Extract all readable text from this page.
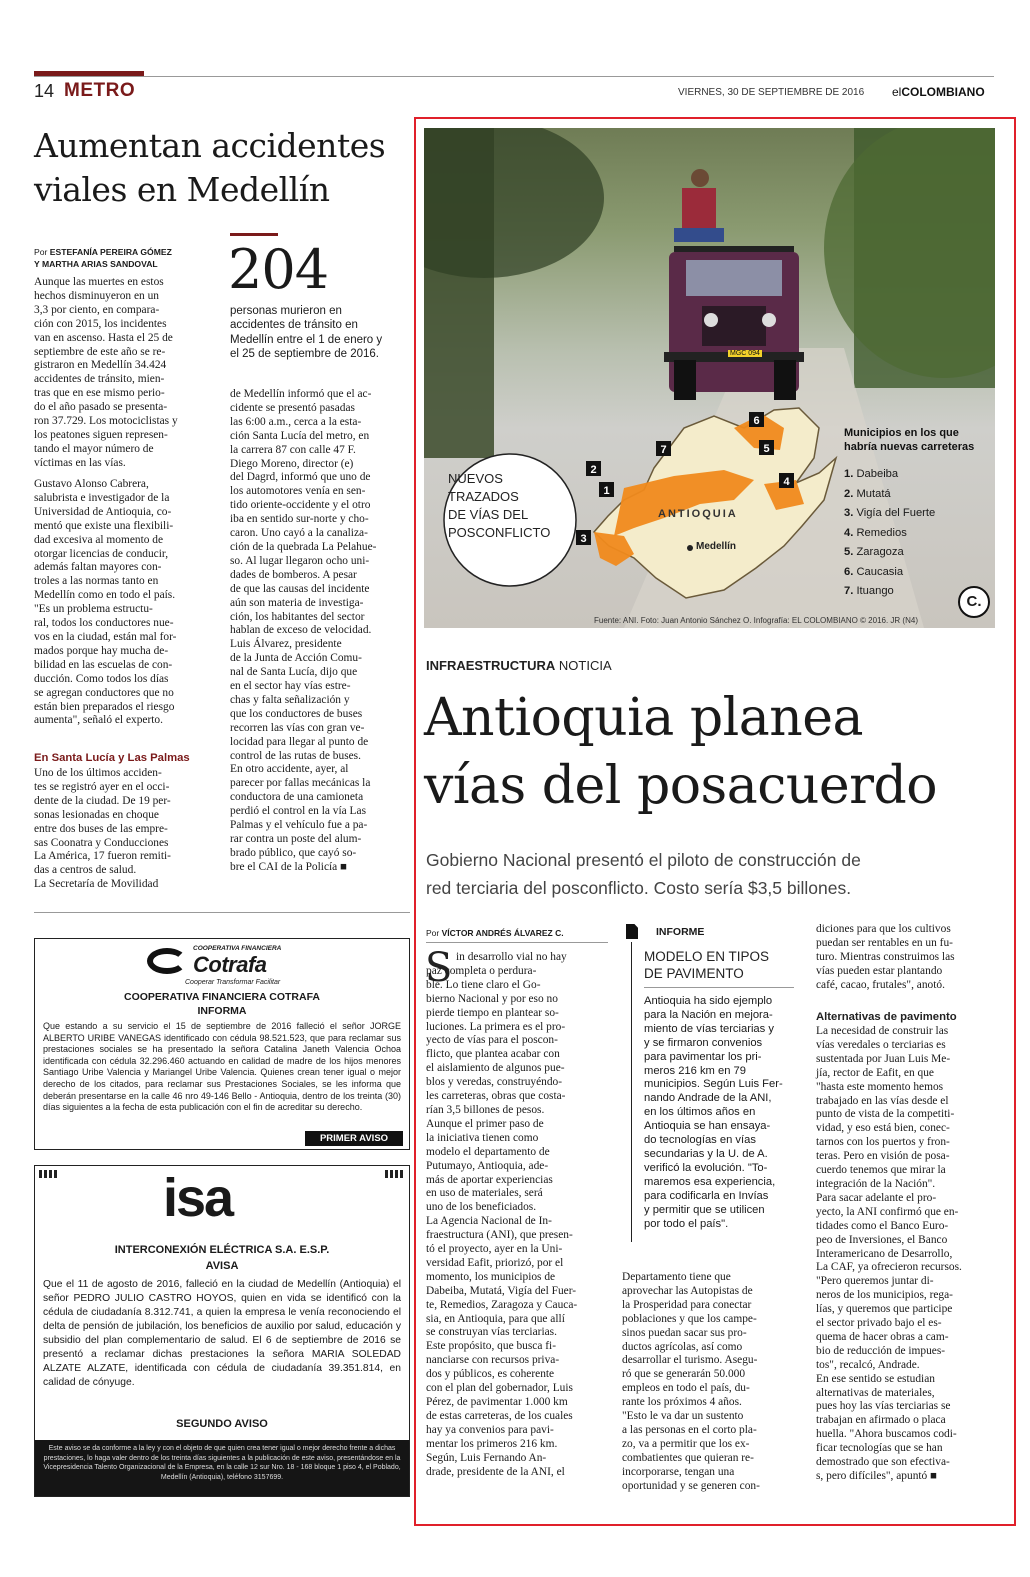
14 METRO	VIERNES, 30 DE SEPTIEMBRE DE 2016 elCOLOMBIANO
Aumentan accidentes
viales en Medellín

Por ESTEFANÍA PEREIRA GÓMEZ
Y MARTHA ARIAS SANDOVAL 204
personas murieron en
accidentes de tránsito en
Medellín entre el 1 de enero y
el 25 de septiembre de 2016.

Aunque las muertes en estos
hechos disminuyeron en un
3,3 por ciento, en compara-
ción con 2015, los incidentes
van en ascenso. Hasta el 25 de
septiembre de este año se re-
gistraron en Medellín 34.424
accidentes de tránsito, mien-
tras que en ese mismo perio-
do el año pasado se presenta-
ron 37.729. Los motociclistas y
los peatones siguen represen-
tando el mayor número de
víctimas en las vías.

Gustavo Alonso Cabrera,
salubrista e investigador de la
Universidad de Antioquia, co-
mentó que existe una flexibili-
dad excesiva al momento de
otorgar licencias de conducir,
además faltan mayores con-
troles a las normas tanto en
Medellín como en todo el país.
"Es un problema estructu-
ral, todos los conductores nue-
vos en la ciudad, están mal for-
mados porque hay mucha de-
bilidad en las escuelas de con-
ducción. Como todos los días
se agregan conductores que no
están bien preparados el riesgo
aumenta", señaló el experto.

En Santa Lucía y Las Palmas

Uno de los últimos acciden-
tes se registró ayer en el occi-
dente de la ciudad. De 19 per-
sonas lesionadas en choque
entre dos buses de las empre-
sas Coonatra y Conducciones
La América, 17 fueron remiti-
das a centros de salud.
La Secretaría de Movilidad

de Medellín informó que el ac-
cidente se presentó pasadas
las 6:00 a.m., cerca a la esta-
ción Santa Lucía del metro, en
la carrera 87 con calle 47 F.
Diego Moreno, director (e)
del Dagrd, informó que uno de
los automotores venía en sen-
tido oriente-occidente y el otro
iba en sentido sur-norte y cho-
caron. Uno cayó a la canaliza-
ción de la quebrada La Pelahue-
so. Al lugar llegaron ocho uni-
dades de bomberos. A pesar
de que las causas del incidente
aún son materia de investiga-
ción, los habitantes del sector
hablan de exceso de velocidad.
Luis Álvarez, presidente
de la Junta de Acción Comu-
nal de Santa Lucía, dijo que
en el sector hay vías estre-
chas y falta señalización y
que los conductores de buses
recorren las vías con gran ve-
locidad para llegar al punto de
control de las rutas de buses.
En otro accidente, ayer, al
parecer por fallas mecánicas la
conductora de una camioneta
perdió el control en la vía Las
Palmas y el vehículo fue a pa-
rar contra un poste del alum-
brado público, que cayó so-
bre el CAI de la Policía ■

COOPERATIVA FINANCIERA
Cotrafa
Cooperar Transformar Facilitar
COOPERATIVA FINANCIERA COTRAFA
INFORMA
Que estando a su servicio el 15 de septiembre de 2016 falleció el señor JORGE ALBERTO URIBE VANEGAS identificado con cédula 98.521.523, que para reclamar sus prestaciones sociales se ha presentado la señora Catalina Janeth Valencia Ochoa identificada con cédula 32.296.460 actuando en calidad de madre de los hijos menores Santiago Uribe Valencia y Mariangel Uribe Valencia. Quienes crean tener igual o mejor derecho de los citados, para reclamar sus Prestaciones Sociales, se les informa que deberán presentarse en la calle 46 nro 49-146 Bello - Antioquia, dentro de los treinta (30) días siguientes a la fecha de esta publicación con el fin de acreditar su derecho.
PRIMER AVISO
isa
INTERCONEXIÓN ELÉCTRICA S.A. E.S.P.
AVISA
Que el 11 de agosto de 2016, falleció en la ciudad de Medellín (Antioquia) el señor PEDRO JULIO CASTRO HOYOS, quien en vida se identificó con la cédula de ciudadanía 8.312.741, a quien la empresa le venía reconociendo el delta de pensión de jubilación, los beneficios de auxilio por salud, educación y subsidio del plan complementario de salud. El 6 de septiembre de 2016 se presentó a reclamar dichas prestaciones la señora MARIA SOLEDAD ALZATE ALZATE, identificada con cédula de ciudadanía 39.351.814, en calidad de cónyuge.
SEGUNDO AVISO
Este aviso se da conforme a la ley y con el objeto de que quien crea tener igual o mejor derecho frente a dichas prestaciones, lo haga valer dentro de los treinta días siguientes a la publicación de este aviso, presentándose en la Vicepresidencia Talento Organizacional de la Empresa, en la calle 12 sur Nro. 18 - 168 bloque 1 piso 4, el Poblado, Medellín (Antioquia), teléfono 3157699.
1
2
3
4
5
6
7
NUEVOS
TRAZADOS
DE VÍAS DEL
POSCONFLICTO
ANTIOQUIA
Medellín
MGC 094
Municipios en los que
habría nuevas carreteras
1. Dabeiba
2. Mutatá
3. Vigía del Fuerte
4. Remedios
5. Zaragoza
6. Caucasia
7. Ituango
C.
Fuente: ANI. Foto: Juan Antonio Sánchez O. Infografía: EL COLOMBIANO © 2016. JR (N4)
INFRAESTRUCTURA NOTICIA
Antioquia planea
vías del posacuerdo
Gobierno Nacional presentó el piloto de construcción de
red terciaria del posconflicto. Costo sería $3,5 billones.
Por VÍCTOR ANDRÉS ÁLVAREZ C.
S in desarrollo vial no hay
paz completa o perdura-
ble. Lo tiene claro el Go-
bierno Nacional y por eso no
pierde tiempo en plantear so-
luciones. La primera es el pro-
yecto de vías para el poscon-
flicto, que plantea acabar con
el aislamiento de algunos pue-
blos y veredas, construyéndo-
les carreteras, obras que costa-
rían 3,5 billones de pesos.
Aunque el primer paso de
la iniciativa tienen como
modelo el departamento de
Putumayo, Antioquia, ade-
más de aportar experiencias
en uso de materiales, será
uno de los beneficiados.
La Agencia Nacional de In-
fraestructura (ANI), que presen-
tó el proyecto, ayer en la Uni-
versidad Eafit, priorizó, por el
momento, los municipios de
Dabeiba, Mutatá, Vigía del Fuer-
te, Remedios, Zaragoza y Cauca-
sia, en Antioquia, para que allí
se construyan vías terciarias.
Este propósito, que busca fi-
nanciarse con recursos priva-
dos y públicos, es coherente
con el plan del gobernador, Luis
Pérez, de pavimentar 1.000 km
de estas carreteras, de los cuales
hay ya convenios para pavi-
mentar los primeros 216 km.
Según, Luis Fernando An-
drade, presidente de la ANI, el

INFORME
MODELO EN TIPOS
DE PAVIMENTO
Antioquia ha sido ejemplo
para la Nación en mejora-
miento de vías terciarias y
y se firmaron convenios
para pavimentar los pri-
meros 216 km en 79
municipios. Según Luis Fer-
nando Andrade de la ANI,
en los últimos años en
Antioquia se han ensaya-
do tecnologías en vías
secundarias y la U. de A.
verificó la evolución. "To-
maremos esa experiencia,
para codificarla en Invías
y permitir que se utilicen
por todo el país".

Departamento tiene que
aprovechar las Autopistas de
la Prosperidad para conectar
poblaciones y que los campe-
sinos puedan sacar sus pro-
ductos agrícolas, así como
desarrollar el turismo. Asegu-
ró que se generarán 50.000
empleos en todo el país, du-
rante los próximos 4 años.
"Esto le va dar un sustento
a las personas en el corto pla-
zo, va a permitir que los ex-
combatientes que quieran re-
incorporarse, tengan una
oportunidad y se generen con-

diciones para que los cultivos
puedan ser rentables en un fu-
turo. Mientras construimos las
vías pueden estar plantando
café, cacao, frutales", anotó.

Alternativas de pavimento

La necesidad de construir las
vías veredales o terciarias es
sustentada por Juan Luis Me-
jía, rector de Eafit, en que
"hasta este momento hemos
trabajado en las vías desde el
punto de vista de la competiti-
vidad, y eso está bien, conec-
tarnos con los puertos y fron-
teras. Pero en visión de posa-
cuerdo tenemos que mirar la
integración de la Nación".
Para sacar adelante el pro-
yecto, la ANI confirmó que en-
tidades como el Banco Euro-
peo de Inversiones, el Banco
Interamericano de Desarrollo,
La CAF, ya ofrecieron recursos.
"Pero queremos juntar di-
neros de los municipios, rega-
lías, y queremos que participe
el sector privado bajo el es-
quema de hacer obras a cam-
bio de reducción de impues-
tos", recalcó, Andrade.
En ese sentido se estudian
alternativas de materiales,
pues hoy las vías terciarias se
trabajan en afirmado o placa
huella. "Ahora buscamos codi-
ficar tecnologías que se han
demostrado que son efectiva-
s, pero difíciles", apuntó ■
